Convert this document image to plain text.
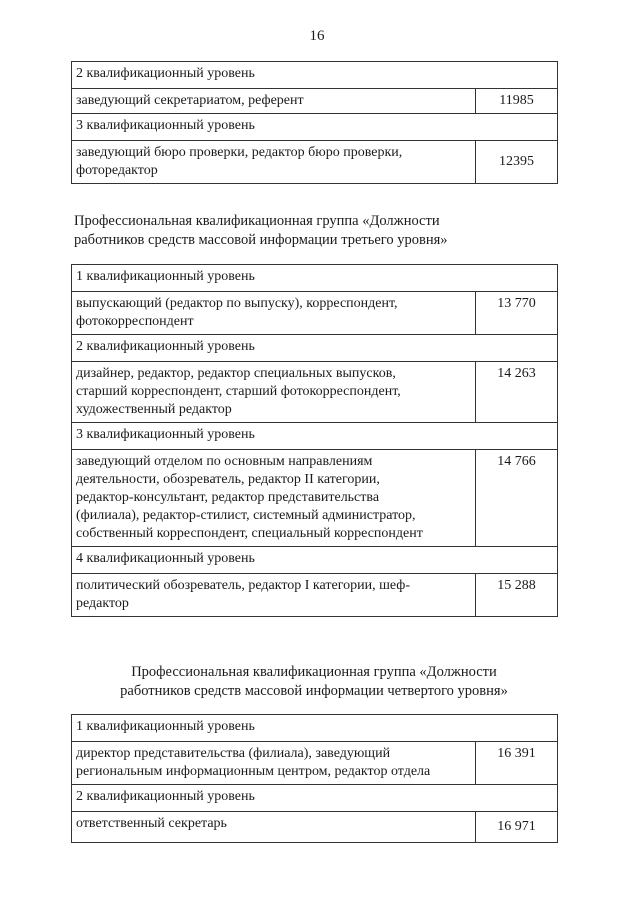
16
2 квалификационный уровень	
заведующий секретариатом, референт	11985
3 квалификационный уровень	
заведующий бюро проверки, редактор бюро проверки,
фоторедактор	12395
Профессиональная квалификационная группа «Должности
работников средств массовой информации третьего уровня»
1 квалификационный уровень	
выпускающий (редактор по выпуску), корреспондент,
фотокорреспондент	13 770
2 квалификационный уровень	
дизайнер, редактор, редактор специальных выпусков,
старший корреспондент, старший фотокорреспондент,
художественный редактор	14 263
3 квалификационный уровень	
заведующий отделом по основным направлениям
деятельности, обозреватель, редактор II категории,
редактор-консультант, редактор представительства
(филиала), редактор-стилист, системный администратор,
собственный корреспондент, специальный корреспондент	14 766
4 квалификационный уровень	
политический обозреватель, редактор I категории, шеф-
редактор	15 288
Профессиональная квалификационная группа «Должности
работников средств массовой информации четвертого уровня»
1 квалификационный уровень	
директор представительства (филиала), заведующий
региональным информационным центром, редактор отдела	16 391
2 квалификационный уровень	
ответственный секретарь	16 971
